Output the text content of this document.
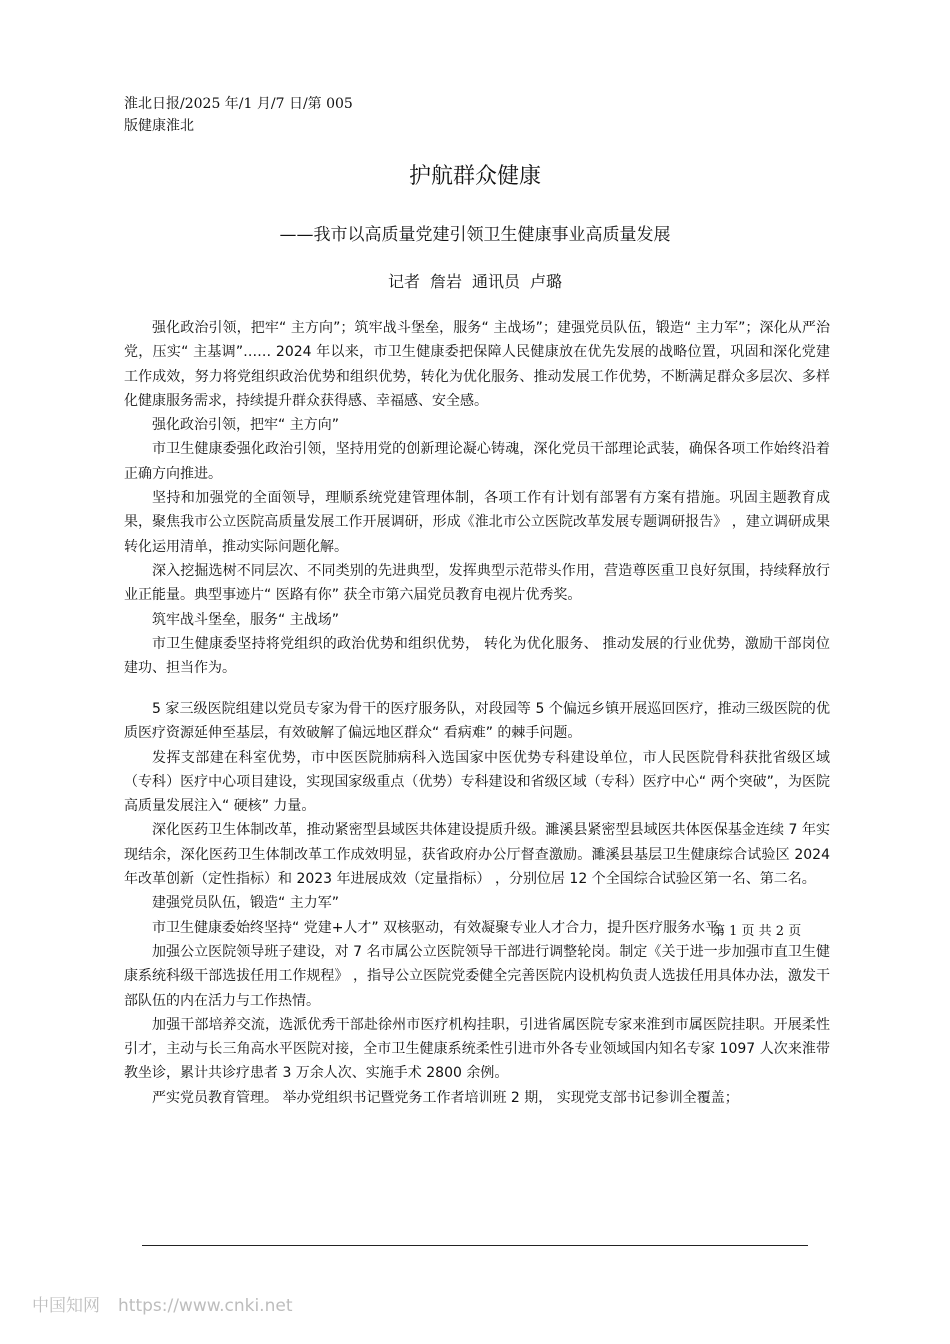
淮北日报/2025 年/1 月/7 日/第 005
版健康淮北
护航群众健康
——我市以高质量党建引领卫生健康事业高质量发展
记者 詹岩 通讯员 卢璐

强化政治引领，把牢“ 主方向”；筑牢战斗堡垒，服务“ 主战场”；建强党员队伍，锻造“ 主力军”；深化从严治党，压实“ 主基调”…… 2024 年以来，市卫生健康委把保障人民健康放在优先发展的战略位置，巩固和深化党建工作成效，努力将党组织政治优势和组织优势，转化为优化服务、推动发展工作优势，不断满足群众多层次、多样化健康服务需求，持续提升群众获得感、幸福感、安全感。

强化政治引领，把牢“ 主方向”

市卫生健康委强化政治引领，坚持用党的创新理论凝心铸魂，深化党员干部理论武装，确保各项工作始终沿着正确方向推进。

坚持和加强党的全面领导，理顺系统党建管理体制，各项工作有计划有部署有方案有措施。巩固主题教育成果，聚焦我市公立医院高质量发展工作开展调研，形成《淮北市公立医院改革发展专题调研报告》 ，建立调研成果转化运用清单，推动实际问题化解。

深入挖掘选树不同层次、不同类别的先进典型，发挥典型示范带头作用，营造尊医重卫良好氛围，持续释放行业正能量。典型事迹片“ 医路有你” 获全市第六届党员教育电视片优秀奖。

筑牢战斗堡垒，服务“ 主战场”

市卫生健康委坚持将党组织的政治优势和组织优势， 转化为优化服务、 推动发展的行业优势，激励干部岗位建功、担当作为。

5 家三级医院组建以党员专家为骨干的医疗服务队，对段园等 5 个偏远乡镇开展巡回医疗，推动三级医院的优质医疗资源延伸至基层，有效破解了偏远地区群众“ 看病难” 的棘手问题。

发挥支部建在科室优势，市中医医院肺病科入选国家中医优势专科建设单位，市人民医院骨科获批省级区域（专科）医疗中心项目建设，实现国家级重点（优势）专科建设和省级区域（专科）医疗中心“ 两个突破”，为医院高质量发展注入“ 硬核” 力量。

深化医药卫生体制改革，推动紧密型县域医共体建设提质升级。濉溪县紧密型县域医共体医保基金连续 7 年实现结余，深化医药卫生体制改革工作成效明显，获省政府办公厅督查激励。濉溪县基层卫生健康综合试验区 2024 年改革创新（定性指标）和 2023 年进展成效（定量指标） ，分别位居 12 个全国综合试验区第一名、第二名。

建强党员队伍，锻造“ 主力军”

市卫生健康委始终坚持“ 党建+人才” 双核驱动，有效凝聚专业人才合力，提升医疗服务水平。

加强公立医院领导班子建设，对 7 名市属公立医院领导干部进行调整轮岗。制定《关于进一步加强市直卫生健康系统科级干部选拔任用工作规程》 ，指导公立医院党委健全完善医院内设机构负责人选拔任用具体办法，激发干部队伍的内在活力与工作热情。

加强干部培养交流，选派优秀干部赴徐州市医疗机构挂职，引进省属医院专家来淮到市属医院挂职。开展柔性引才，主动与长三角高水平医院对接，全市卫生健康系统柔性引进市外各专业领域国内知名专家 1097 人次来淮带教坐诊，累计共诊疗患者 3 万余人次、实施手术 2800 余例。

严实党员教育管理。 举办党组织书记暨党务工作者培训班 2 期， 实现党支部书记参训全覆盖；

第 1 页 共 2 页
中国知网 https://www.cnki.net
